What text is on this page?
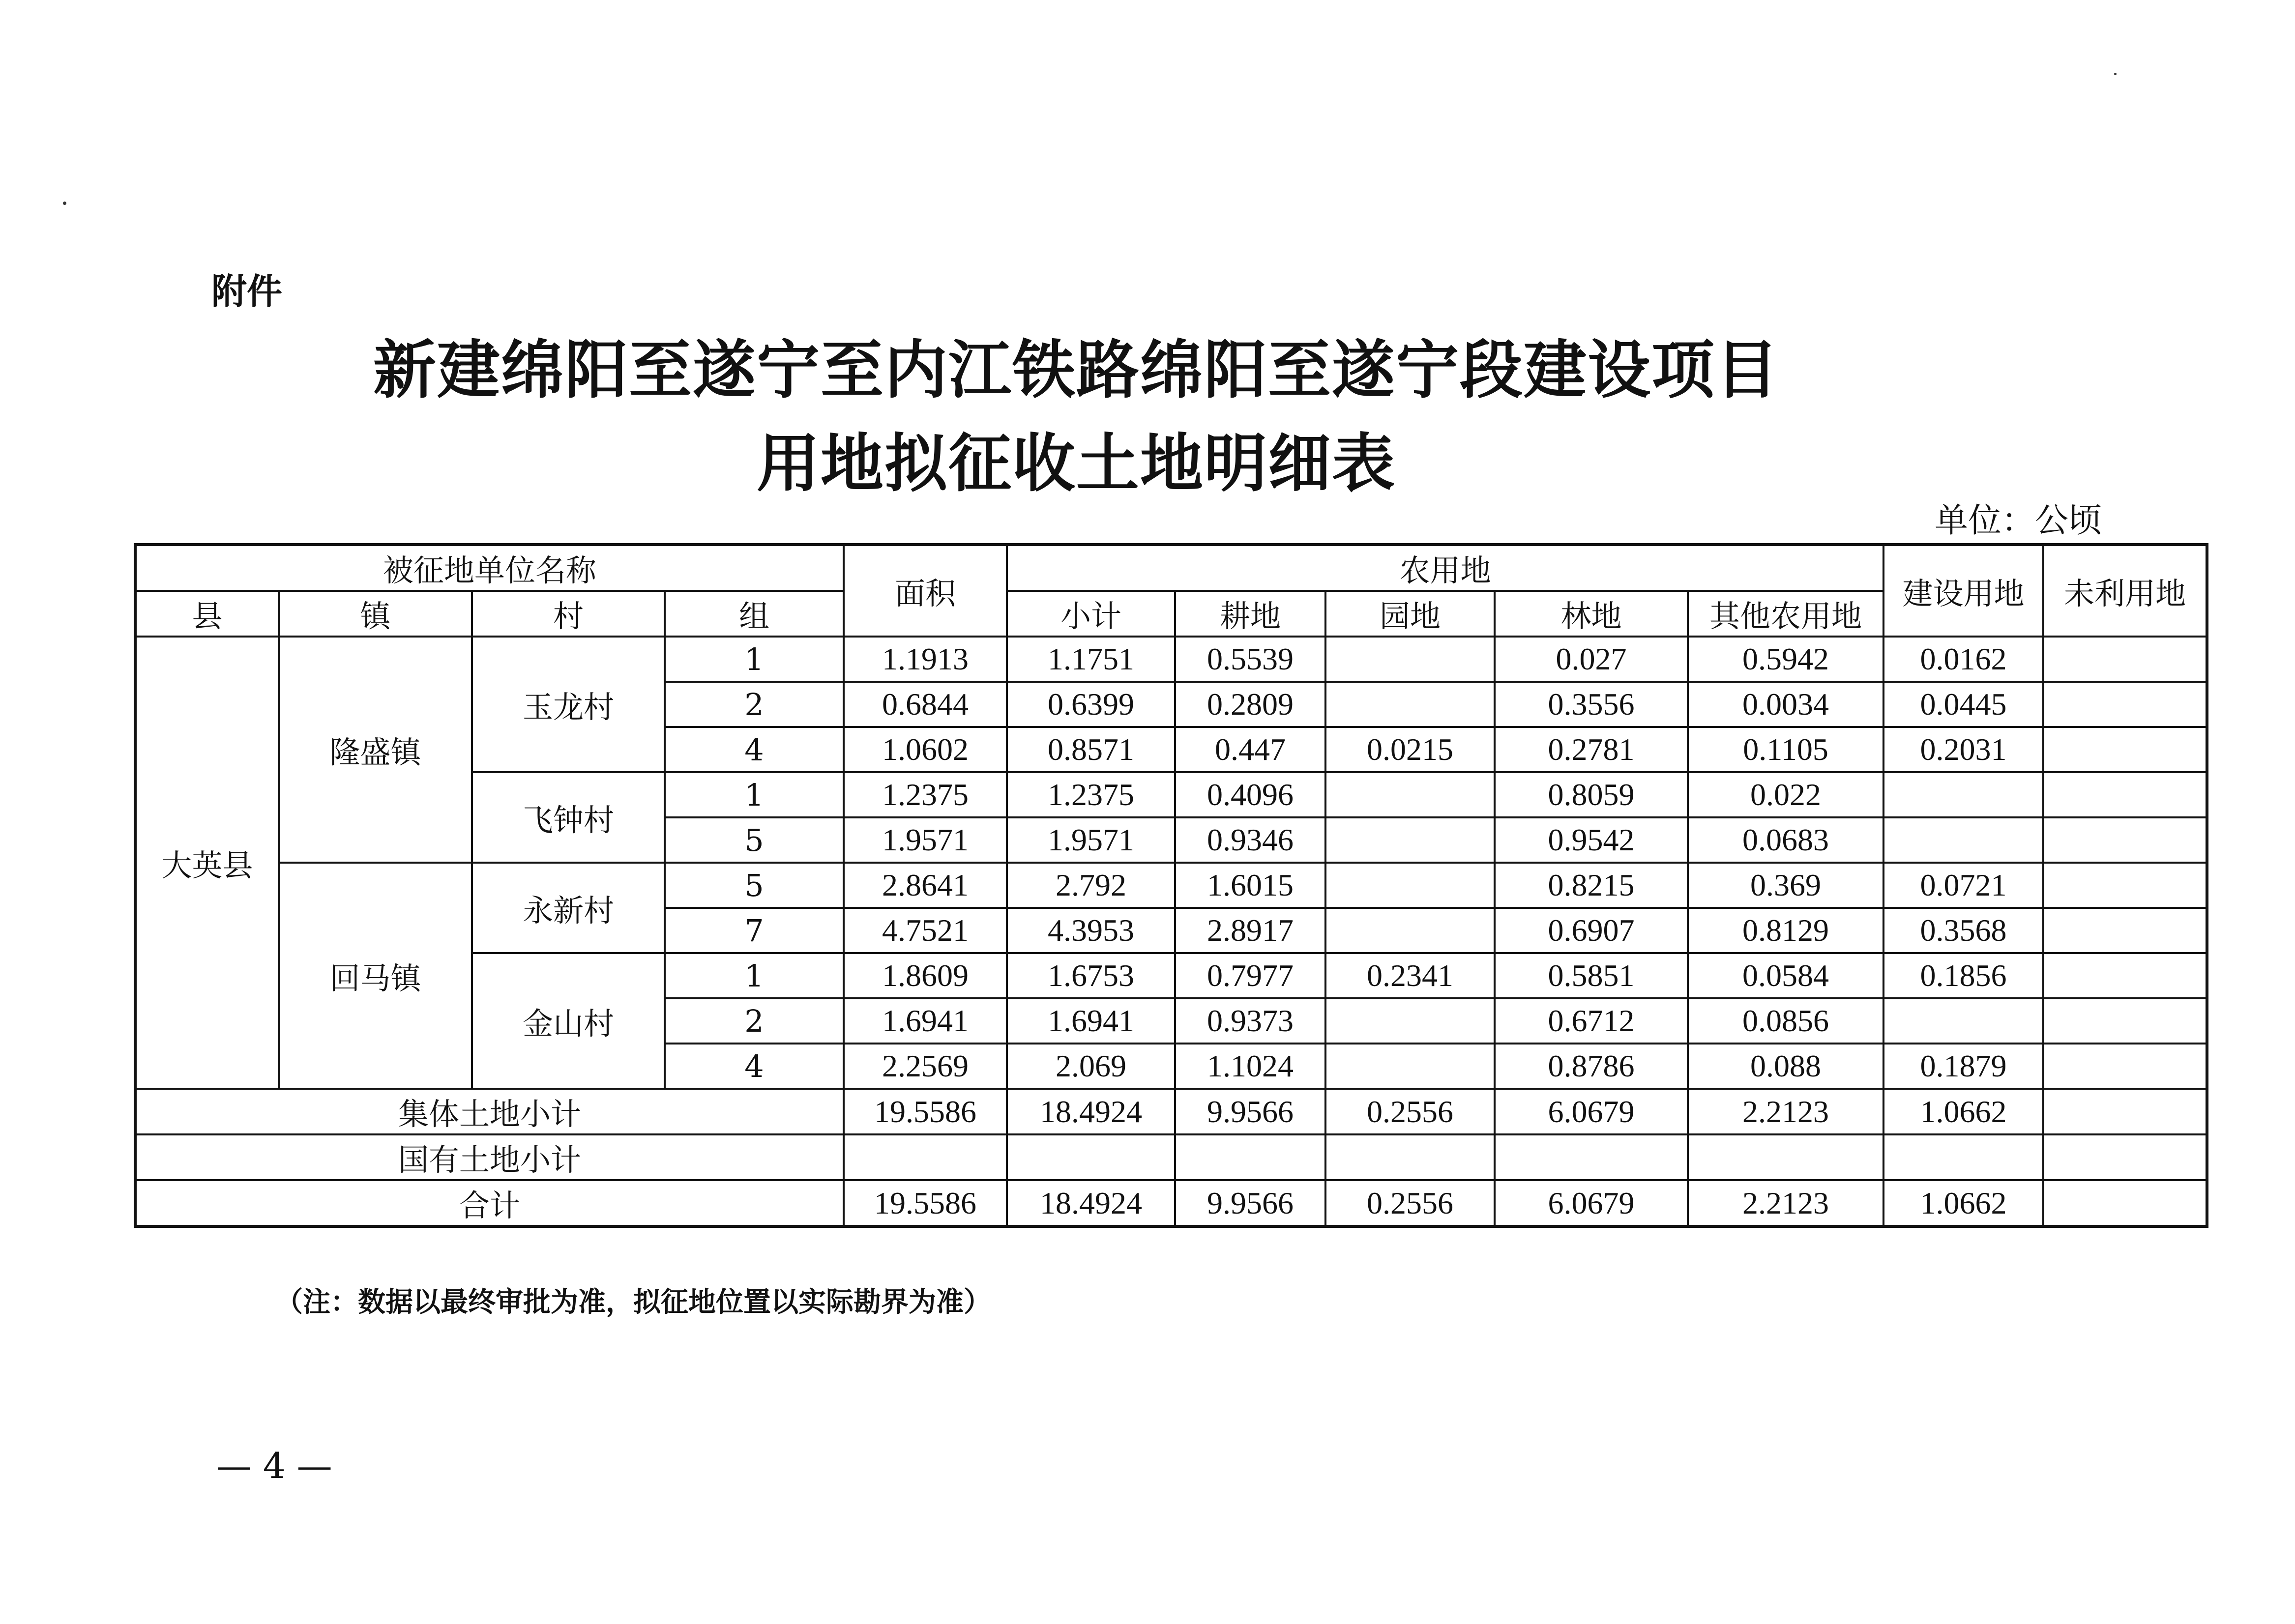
附件
新建绵阳至遂宁至内江铁路绵阳至遂宁段建设项目
用地拟征收土地明细表
单位：公顷
被征地单位名称				面积	农用地					建设用地	未利用地
县	镇	村	组		小计	耕地	园地	林地	其他农用地		
大英县	隆盛镇	玉龙村	1	1.1913	1.1751	0.5539		0.027	0.5942	0.0162	
			2	0.6844	0.6399	0.2809		0.3556	0.0034	0.0445	
			4	1.0602	0.8571	0.447	0.0215	0.2781	0.1105	0.2031	
		飞钟村	1	1.2375	1.2375	0.4096		0.8059	0.022		
			5	1.9571	1.9571	0.9346		0.9542	0.0683		
	回马镇	永新村	5	2.8641	2.792	1.6015		0.8215	0.369	0.0721	
			7	4.7521	4.3953	2.8917		0.6907	0.8129	0.3568	
		金山村	1	1.8609	1.6753	0.7977	0.2341	0.5851	0.0584	0.1856	
			2	1.6941	1.6941	0.9373		0.6712	0.0856		
			4	2.2569	2.069	1.1024		0.8786	0.088	0.1879	
集体土地小计				19.5586	18.4924	9.9566	0.2556	6.0679	2.2123	1.0662	
国有土地小计											
合计				19.5586	18.4924	9.9566	0.2556	6.0679	2.2123	1.0662	
（注：数据以最终审批为准，拟征地位置以实际勘界为准）
— 4 —
